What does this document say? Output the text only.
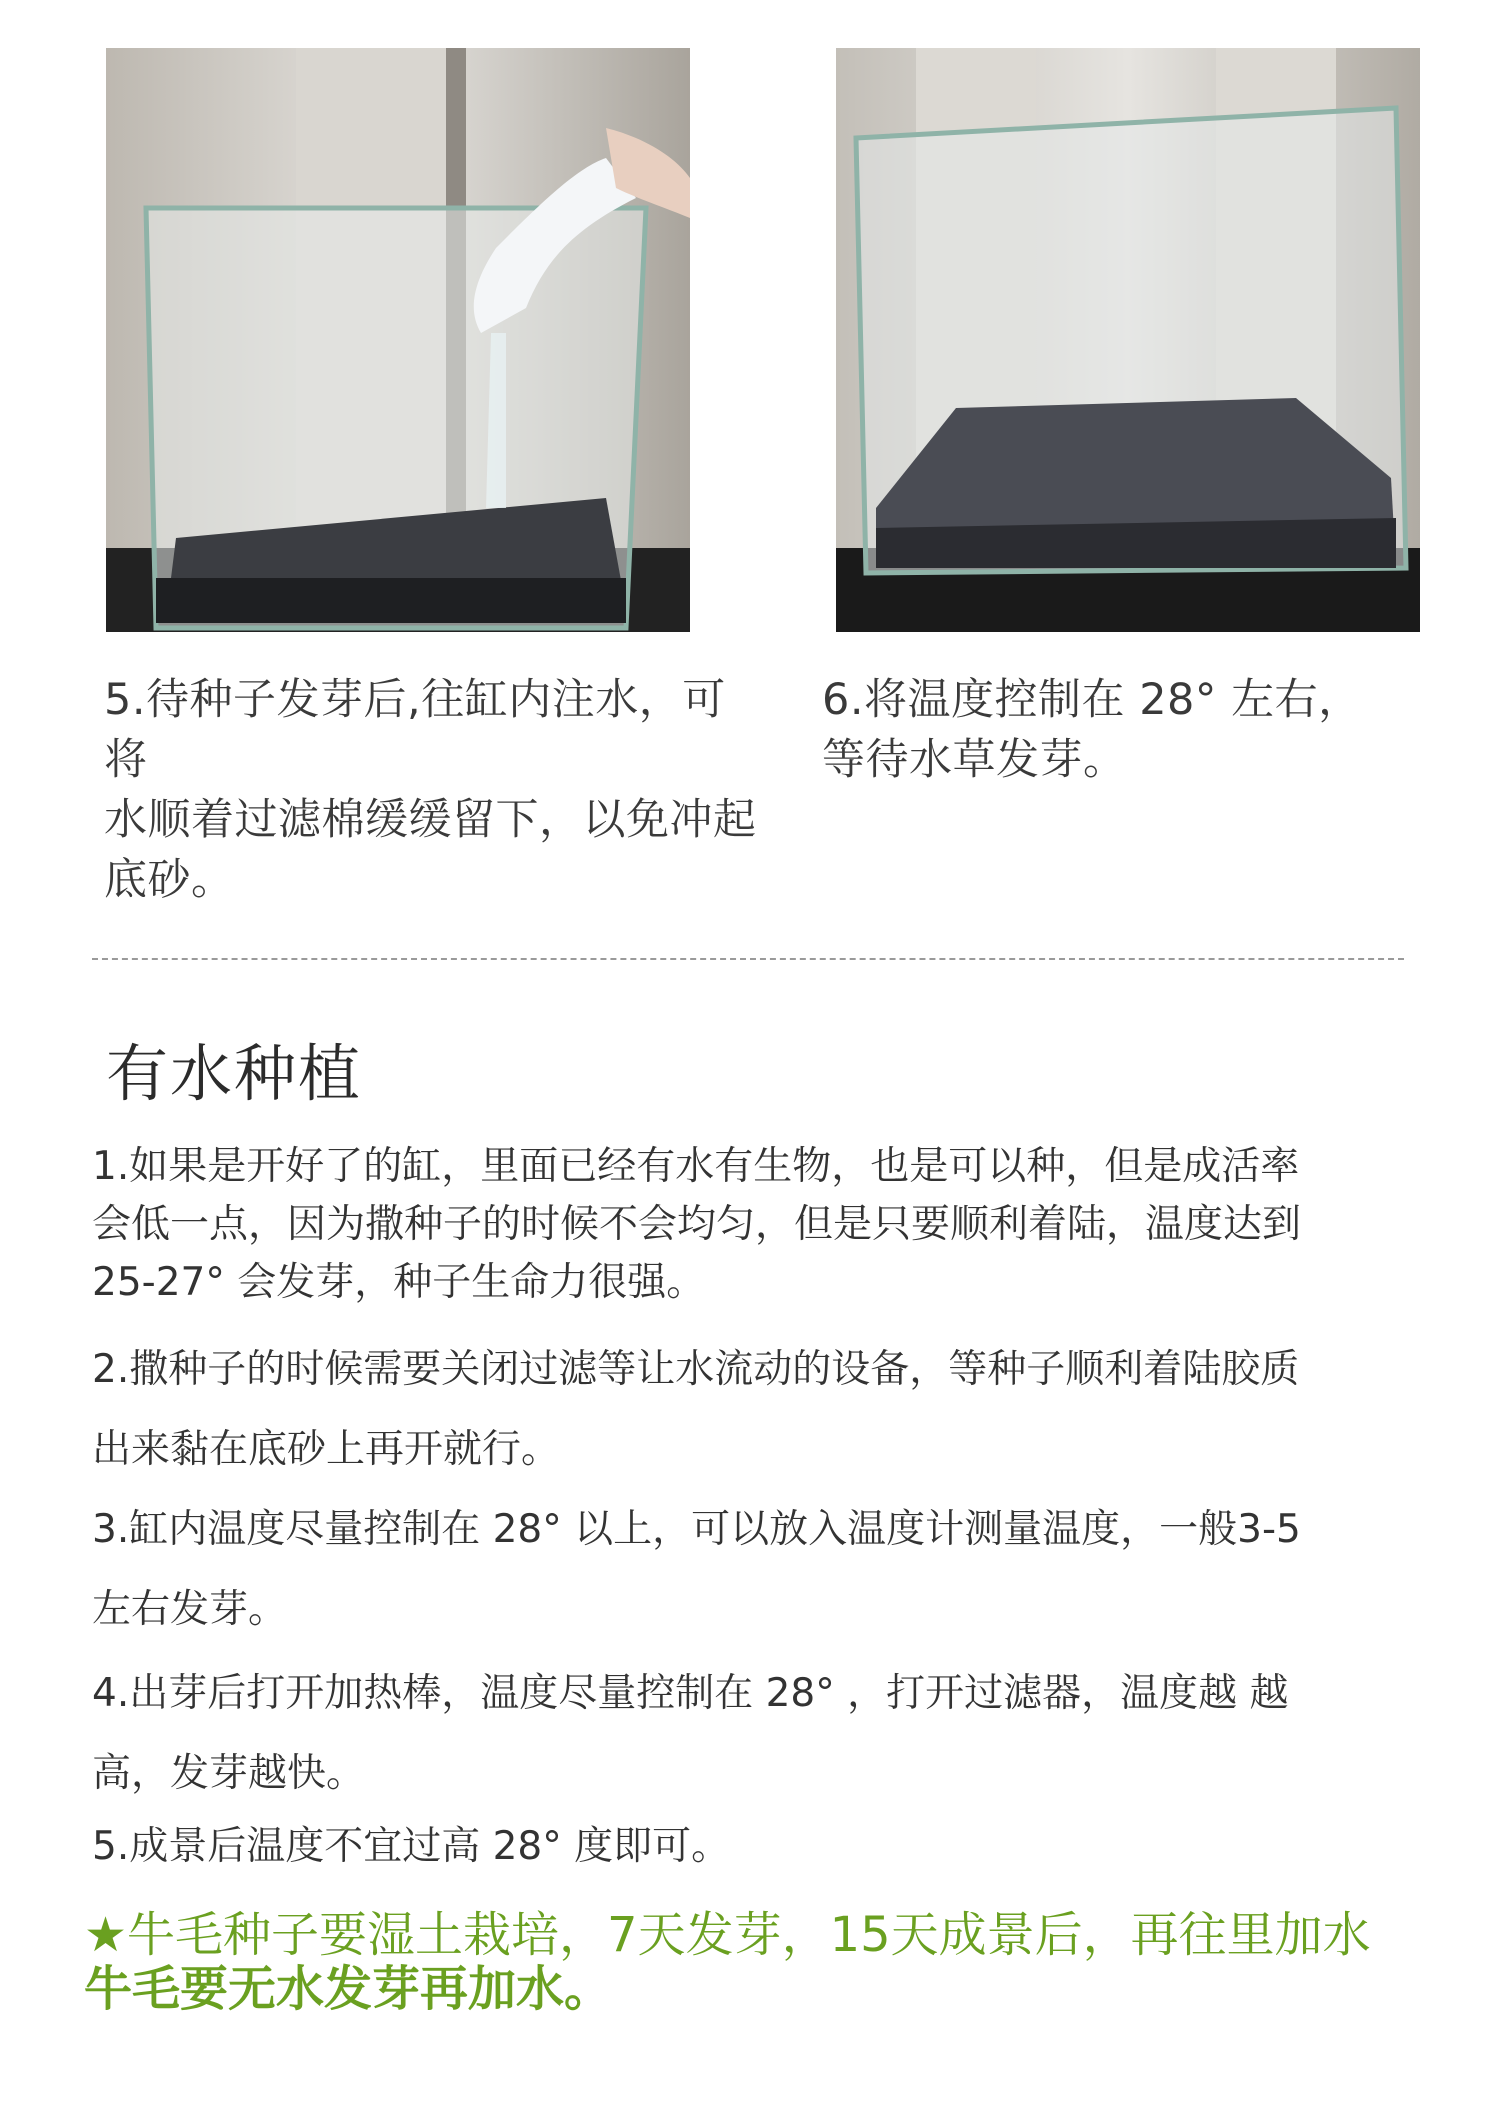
5.待种子发芽后,往缸内注水，可将
水顺着过滤棉缓缓留下，以免冲起
底砂。
6.将温度控制在 28° 左右，
等待水草发芽。
有水种植
1.如果是开好了的缸，里面已经有水有生物，也是可以种，但是成活率
会低一点，因为撒种子的时候不会均匀，但是只要顺利着陆，温度达到
25-27° 会发芽，种子生命力很强。
2.撒种子的时候需要关闭过滤等让水流动的设备，等种子顺利着陆胶质
出来黏在底砂上再开就行。
3.缸内温度尽量控制在 28° 以上，可以放入温度计测量温度，一般3-5
左右发芽。
4.出芽后打开加热棒，温度尽量控制在 28° ，打开过滤器，温度越 越
高，发芽越快。
5.成景后温度不宜过高 28° 度即可。
★牛毛种子要湿土栽培，7天发芽，15天成景后，再往里加水
牛毛要无水发芽再加水。
